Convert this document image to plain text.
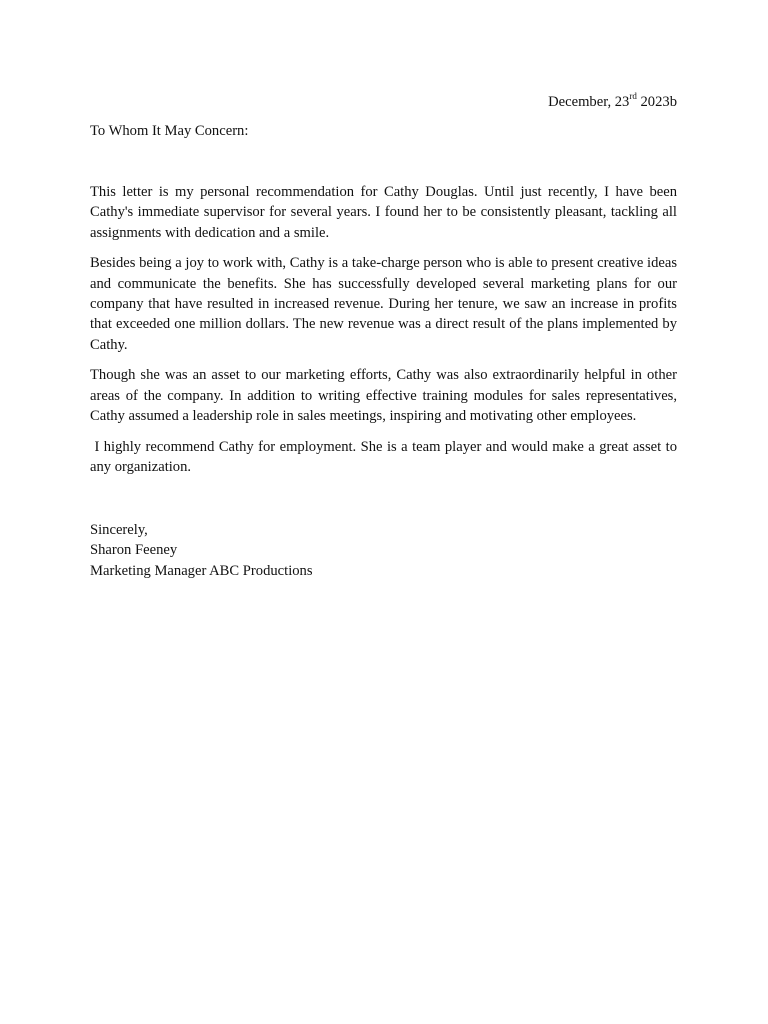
December, 23rd 2023b
To Whom It May Concern:

This letter is my personal recommendation for Cathy Douglas. Until just recently, I have been Cathy's immediate supervisor for several years. I found her to be consistently pleasant, tackling all assignments with dedication and a smile.

Besides being a joy to work with, Cathy is a take-charge person who is able to present creative ideas and communicate the benefits. She has successfully developed several marketing plans for our company that have resulted in increased revenue. During her tenure, we saw an increase in profits that exceeded one million dollars. The new revenue was a direct result of the plans implemented by Cathy.

Though she was an asset to our marketing efforts, Cathy was also extraordinarily helpful in other areas of the company. In addition to writing effective training modules for sales representatives, Cathy assumed a leadership role in sales meetings, inspiring and motivating other employees.

I highly recommend Cathy for employment. She is a team player and would make a great asset to any organization.

Sincerely,
Sharon Feeney
Marketing Manager ABC Productions
